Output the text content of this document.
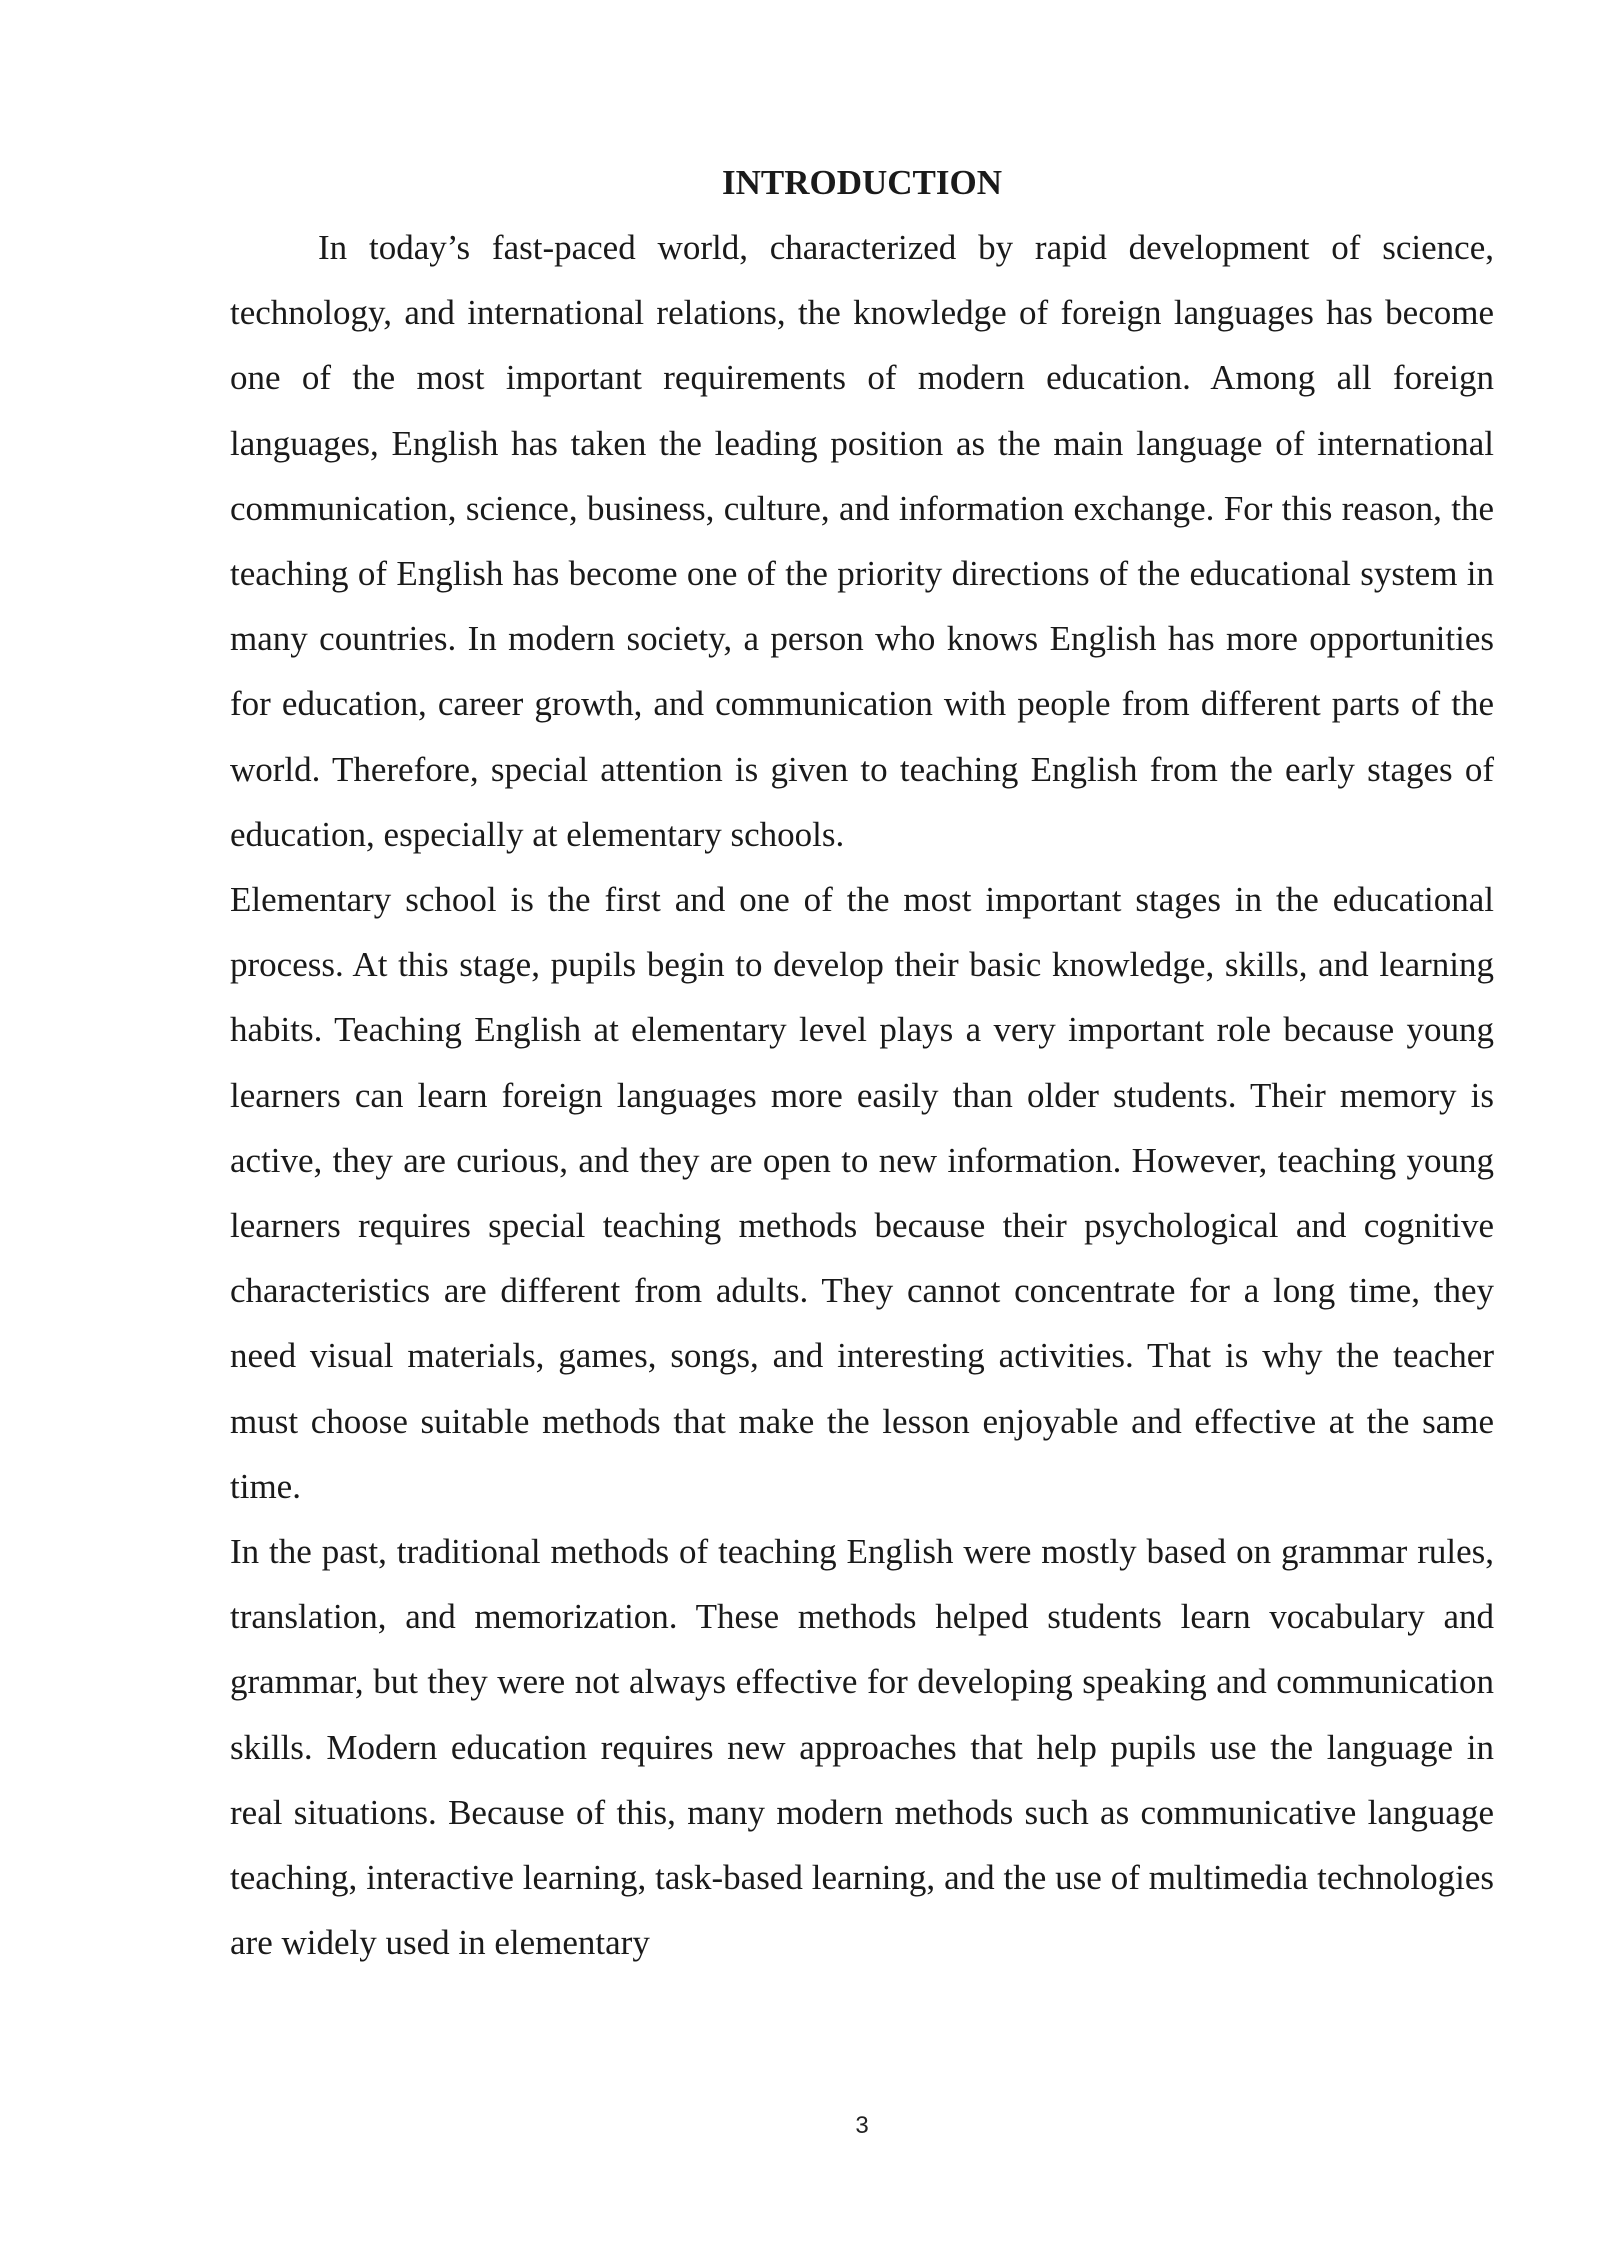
INTRODUCTION

In today’s fast-paced world, characterized by rapid development of science, technology, and international relations, the knowledge of foreign languages has become one of the most important requirements of modern education. Among all foreign languages, English has taken the leading position as the main language of international communication, science, business, culture, and information exchange. For this reason, the teaching of English has become one of the priority directions of the educational system in many countries. In modern society, a person who knows English has more opportunities for education, career growth, and communication with people from different parts of the world. Therefore, special attention is given to teaching English from the early stages of education, especially at elementary schools.

Elementary school is the first and one of the most important stages in the educational process. At this stage, pupils begin to develop their basic knowledge, skills, and learning habits. Teaching English at elementary level plays a very important role because young learners can learn foreign languages more easily than older students. Their memory is active, they are curious, and they are open to new information. However, teaching young learners requires special teaching methods because their psychological and cognitive characteristics are different from adults. They cannot concentrate for a long time, they need visual materials, games, songs, and interesting activities. That is why the teacher must choose suitable methods that make the lesson enjoyable and effective at the same time.

In the past, traditional methods of teaching English were mostly based on grammar rules, translation, and memorization. These methods helped students learn vocabulary and grammar, but they were not always effective for developing speaking and communication skills. Modern education requires new approaches that help pupils use the language in real situations. Because of this, many modern methods such as communicative language teaching, interactive learning, task-based learning, and the use of multimedia technologies are widely used in elementary

3
